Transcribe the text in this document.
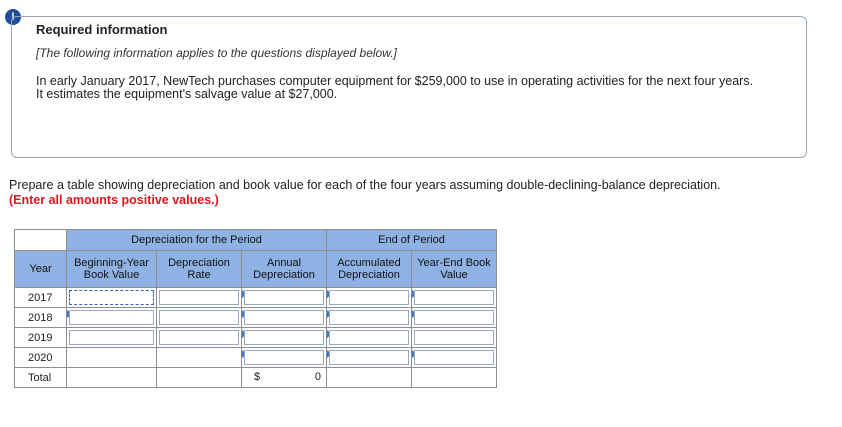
!
Required information
[The following information applies to the questions displayed below.]
In early January 2017, NewTech purchases computer equipment for $259,000 to use in operating activities for the next four years. It estimates the equipment's salvage value at $27,000.
Prepare a table showing depreciation and book value for each of the four years assuming double-declining-balance depreciation.
(Enter all amounts positive values.)
	Depreciation for the Period			End of Period	
Year	Beginning-Year Book Value	Depreciation Rate	Annual Depreciation	Accumulated Depreciation	Year-End Book Value
2017	

2018	

2019	

2020			

Total			$ 0		
